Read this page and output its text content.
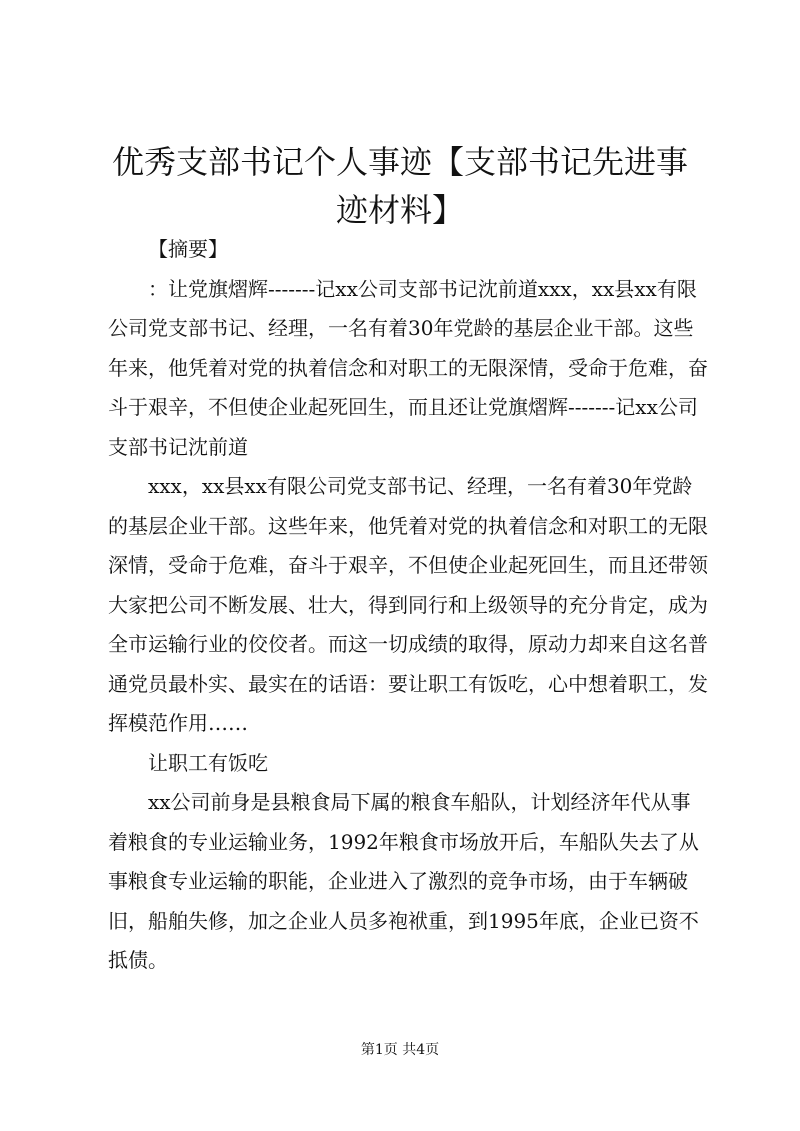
优秀支部书记个人事迹【支部书记先进事迹材料】

【摘要】

：让党旗熠辉-------记xx公司支部书记沈前道xxx，xx县xx有限公司党支部书记、经理，一名有着30年党龄的基层企业干部。这些年来，他凭着对党的执着信念和对职工的无限深情，受命于危难，奋斗于艰辛，不但使企业起死回生，而且还让党旗熠辉-------记xx公司支部书记沈前道

xxx，xx县xx有限公司党支部书记、经理，一名有着30年党龄的基层企业干部。这些年来，他凭着对党的执着信念和对职工的无限深情，受命于危难，奋斗于艰辛，不但使企业起死回生，而且还带领大家把公司不断发展、壮大，得到同行和上级领导的充分肯定，成为全市运输行业的佼佼者。而这一切成绩的取得，原动力却来自这名普通党员最朴实、最实在的话语：要让职工有饭吃，心中想着职工，发挥模范作用……

让职工有饭吃

xx公司前身是县粮食局下属的粮食车船队，计划经济年代从事着粮食的专业运输业务，1992年粮食市场放开后，车船队失去了从事粮食专业运输的职能，企业进入了激烈的竞争市场，由于车辆破旧，船舶失修，加之企业人员多袍袱重，到1995年底，企业已资不抵债。

第1页 共4页
